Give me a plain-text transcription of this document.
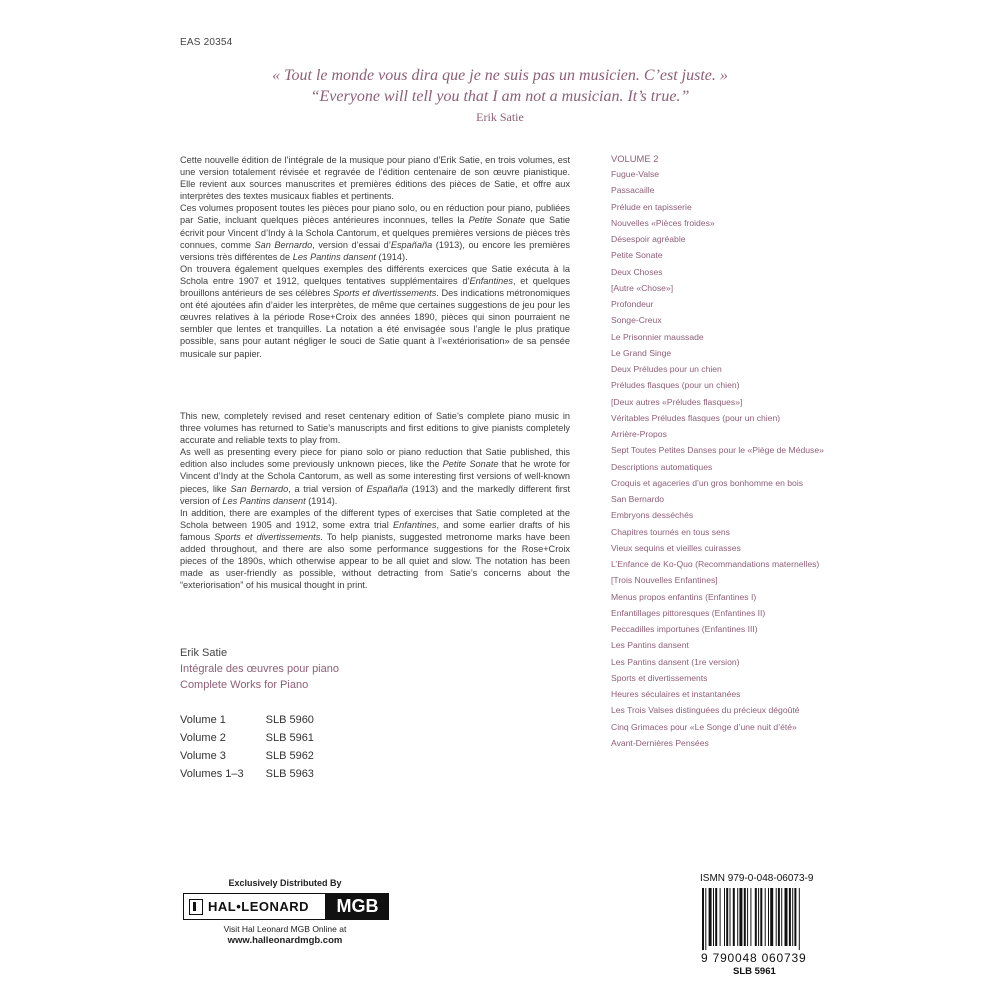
EAS 20354
« Tout le monde vous dira que je ne suis pas un musicien. C’est juste. »
“Everyone will tell you that I am not a musician. It’s true.”
Erik Satie

Cette nouvelle édition de l’intégrale de la musique pour piano d’Erik Satie, en trois volumes, est une version totalement révisée et regravée de l’édition centenaire de son œuvre pianistique. Elle revient aux sources manuscrites et premières éditions des pièces de Satie, et offre aux interprètes des textes musicaux fiables et pertinents.

Ces volumes proposent toutes les pièces pour piano solo, ou en réduction pour piano, publiées par Satie, incluant quelques pièces antérieures inconnues, telles la Petite Sonate que Satie écrivit pour Vincent d’Indy à la Schola Cantorum, et quelques premières versions de pièces très connues, comme San Bernardo, version d’essai d’Españaña (1913), ou encore les premières versions très différentes de Les Pantins dansent (1914).

On trouvera également quelques exemples des différents exercices que Satie exécuta à la Schola entre 1907 et 1912, quelques tentatives supplémentaires d’Enfantines, et quelques brouillons antérieurs de ses célèbres Sports et divertissements. Des indications métronomiques ont été ajoutées afin d’aider les interprètes, de même que certaines suggestions de jeu pour les œuvres relatives à la période Rose+Croix des années 1890, pièces qui sinon pourraient ne sembler que lentes et tranquilles. La notation a été envisagée sous l’angle le plus pratique possible, sans pour autant négliger le souci de Satie quant à l’«extériorisation» de sa pensée musicale sur papier.

This new, completely revised and reset centenary edition of Satie’s complete piano music in three volumes has returned to Satie’s manuscripts and first editions to give pianists completely accurate and reliable texts to play from.

As well as presenting every piece for piano solo or piano reduction that Satie published, this edition also includes some previously unknown pieces, like the Petite Sonate that he wrote for Vincent d’Indy at the Schola Cantorum, as well as some interesting first versions of well-known pieces, like San Bernardo, a trial version of Españaña (1913) and the markedly different first version of Les Pantins dansent (1914).

In addition, there are examples of the different types of exercises that Satie completed at the Schola between 1905 and 1912, some extra trial Enfantines, and some earlier drafts of his famous Sports et divertissements. To help pianists, suggested metronome marks have been added throughout, and there are also some performance suggestions for the Rose+Croix pieces of the 1890s, which otherwise appear to be all quiet and slow. The notation has been made as user-friendly as possible, without detracting from Satie’s concerns about the “exteriorisation” of his musical thought in print.

Erik Satie
Intégrale des œuvres pour piano
Complete Works for Piano
Volume 1	SLB 5960
Volume 2	SLB 5961
Volume 3	SLB 5962
Volumes 1–3	SLB 5963
VOLUME 2
Fugue-Valse
Passacaille
Prélude en tapisserie
Nouvelles «Pièces froides»
Désespoir agréable
Petite Sonate
Deux Choses
[Autre «Chose»]
Profondeur
Songe-Creux
Le Prisonnier maussade
Le Grand Singe
Deux Préludes pour un chien
Préludes flasques (pour un chien)
[Deux autres «Préludes flasques»]
Véritables Préludes flasques (pour un chien)
Arrière-Propos
Sept Toutes Petites Danses pour le «Piège de Méduse»
Descriptions automatiques
Croquis et agaceries d’un gros bonhomme en bois
San Bernardo
Embryons desséchés
Chapitres tournés en tous sens
Vieux sequins et vieilles cuirasses
L’Enfance de Ko-Quo (Recommandations maternelles)
[Trois Nouvelles Enfantines]
Menus propos enfantins (Enfantines I)
Enfantillages pittoresques (Enfantines II)
Peccadilles importunes (Enfantines III)
Les Pantins dansent
Les Pantins dansent (1re version)
Sports et divertissements
Heures séculaires et instantanées
Les Trois Valses distinguées du précieux dégoûté
Cinq Grimaces pour «Le Songe d’une nuit d’été»
Avant-Dernières Pensées
Exclusively Distributed By
HAL•LEONARD	MGB
Visit Hal Leonard MGB Online at
www.halleonardmgb.com
ISMN 979-0-048-06073-9
9 790048 060739
SLB 5961
